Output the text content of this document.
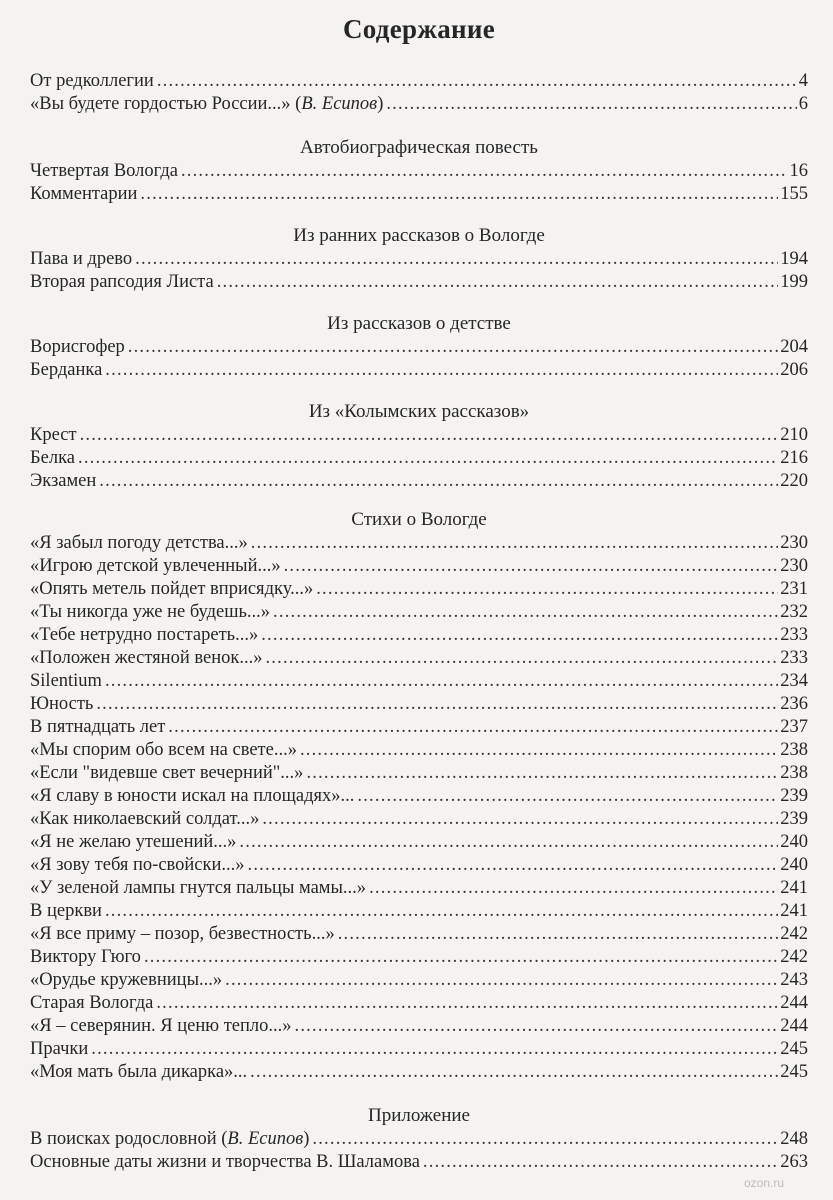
Содержание
От редколлегии .....	4
«Вы будете гордостью России...» (В. Есипов) .....	6
Автобиографическая повесть
Четвертая Вологда .....	16
Комментарии .....	155
Из ранних рассказов о Вологде
Пава и древо .....	194
Вторая рапсодия Листа .....	199
Из рассказов о детстве
Ворисгофер .....	204
Берданка .....	206
Из «Колымских рассказов»
Крест .....	210
Белка .....	216
Экзамен .....	220
Стихи о Вологде
«Я забыл погоду детства...» .....	230
«Игрою детской увлеченный...» .....	230
«Опять метель пойдет вприсядку...» .....	231
«Ты никогда уже не будешь...» .....	232
«Тебе нетрудно постареть...» .....	233
«Положен жестяной венок...» .....	233
Silentium .....	234
Юность .....	236
В пятнадцать лет .....	237
«Мы спорим обо всем на свете...» .....	238
«Если "видевше свет вечерний"...» .....	238
«Я славу в юности искал на площадях»... .....	239
«Как николаевский солдат...» .....	239
«Я не желаю утешений...» .....	240
«Я зову тебя по-свойски...» .....	240
«У зеленой лампы гнутся пальцы мамы...» .....	241
В церкви .....	241
«Я все приму – позор, безвестность...» .....	242
Виктору Гюго .....	242
«Орудье кружевницы...» .....	243
Старая Вологда .....	244
«Я – северянин. Я ценю тепло...» .....	244
Прачки .....	245
«Моя мать была дикарка»... .....	245
Приложение
В поисках родословной (В. Есипов) .....	248
Основные даты жизни и творчества В. Шаламова .....	263
ozon.ru
